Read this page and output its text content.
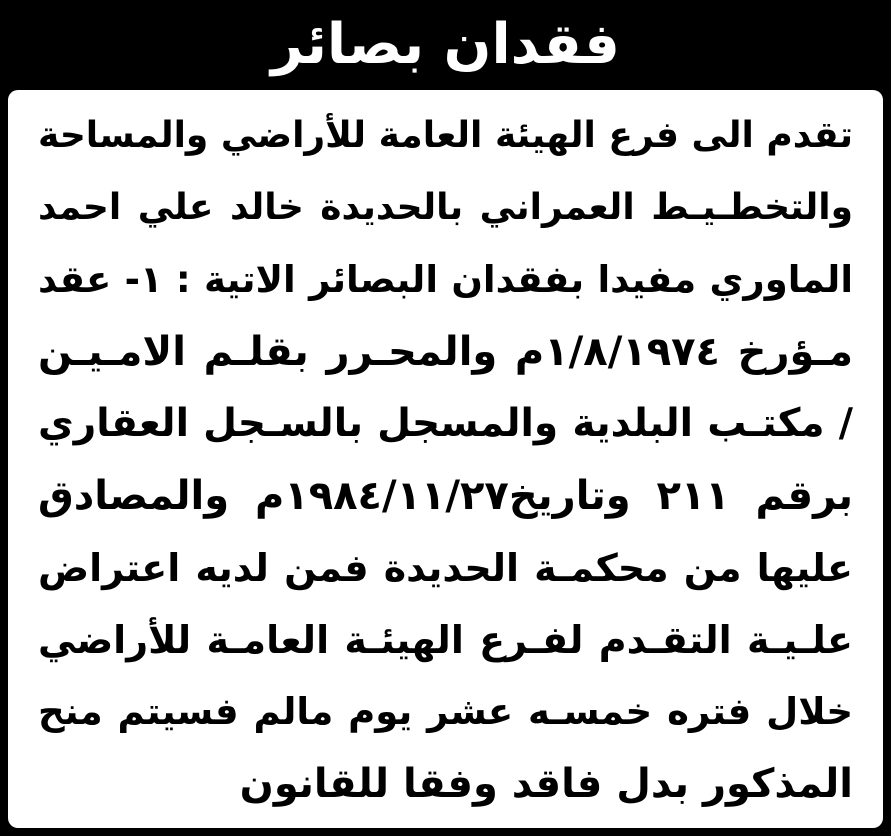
فقدان بصائر
تقدم الى فرع الهيئة العامة للأراضي والمساحة
والتخطـيـط العمراني بالحديدة خالد علي احمد
الماوري مفيدا بفقدان البصائر الاتية : ١- عقد
مـؤرخ ١/٨/١٩٧٤م والمحـرر بقلـم الامـيـن
/ مكتـب البلدية والمسجل بالسـجل العقاري
برقم ٢١١ وتاريخ١٩٨٤/١١/٢٧م والمصادق
عليها من محكمـة الحديدة فمن لديه اعتراض
علـيـة التقـدم لفـرع الهيئـة العامـة للأراضي
خلال فتره خمسـه عشر يوم مالم فسيتم منح
المذكور بدل فاقد وفقا للقانون
